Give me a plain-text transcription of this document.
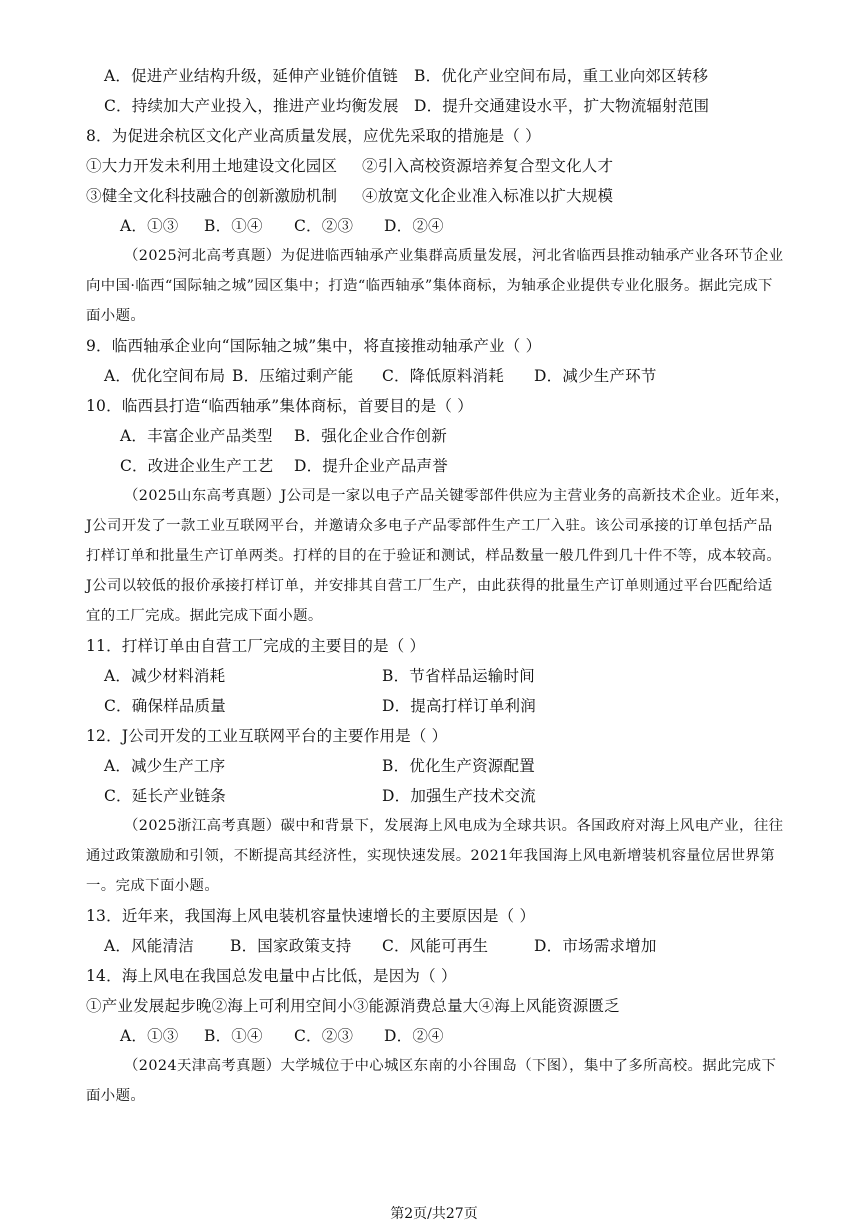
A．促进产业结构升级，延伸产业链价值链 B．优化产业空间布局，重工业向郊区转移
C．持续加大产业投入，推进产业均衡发展 D．提升交通建设水平，扩大物流辐射范围
8．为促进余杭区文化产业高质量发展，应优先采取的措施是（ ）
①大力开发未利用土地建设文化园区 ②引入高校资源培养复合型文化人才
③健全文化科技融合的创新激励机制 ④放宽文化企业准入标准以扩大规模
A．①③ B．①④ C．②③ D．②④
（2025河北高考真题）为促进临西轴承产业集群高质量发展，河北省临西县推动轴承产业各环节企业
向中国·临西“国际轴之城”园区集中；打造“临西轴承”集体商标，为轴承企业提供专业化服务。据此完成下
面小题。
9．临西轴承企业向“国际轴之城”集中，将直接推动轴承产业（ ）
A．优化空间布局 B．压缩过剩产能 C．降低原料消耗 D．减少生产环节
10．临西县打造“临西轴承”集体商标，首要目的是（ ）
A．丰富企业产品类型 B．强化企业合作创新
C．改进企业生产工艺 D．提升企业产品声誉
（2025山东高考真题）J公司是一家以电子产品关键零部件供应为主营业务的高新技术企业。近年来，
J公司开发了一款工业互联网平台，并邀请众多电子产品零部件生产工厂入驻。该公司承接的订单包括产品
打样订单和批量生产订单两类。打样的目的在于验证和测试，样品数量一般几件到几十件不等，成本较高。
J公司以较低的报价承接打样订单，并安排其自营工厂生产，由此获得的批量生产订单则通过平台匹配给适
宜的工厂完成。据此完成下面小题。
11．打样订单由自营工厂完成的主要目的是（ ）
A．减少材料消耗	B．节省样品运输时间
C．确保样品质量	D．提高打样订单利润
12．J公司开发的工业互联网平台的主要作用是（ ）
A．减少生产工序	B．优化生产资源配置
C．延长产业链条	D．加强生产技术交流
（2025浙江高考真题）碳中和背景下，发展海上风电成为全球共识。各国政府对海上风电产业，往往
通过政策激励和引领，不断提高其经济性，实现快速发展。2021年我国海上风电新增装机容量位居世界第
一。完成下面小题。
13．近年来，我国海上风电装机容量快速增长的主要原因是（ ）
A．风能清洁 B．国家政策支持 C．风能可再生	D．市场需求增加
14．海上风电在我国总发电量中占比低，是因为（ ）
①产业发展起步晚②海上可利用空间小③能源消费总量大④海上风能资源匮乏
A．①③ B．①④ C．②③ D．②④
（2024天津高考真题）大学城位于中心城区东南的小谷围岛（下图），集中了多所高校。据此完成下
面小题。
第2页/共27页
